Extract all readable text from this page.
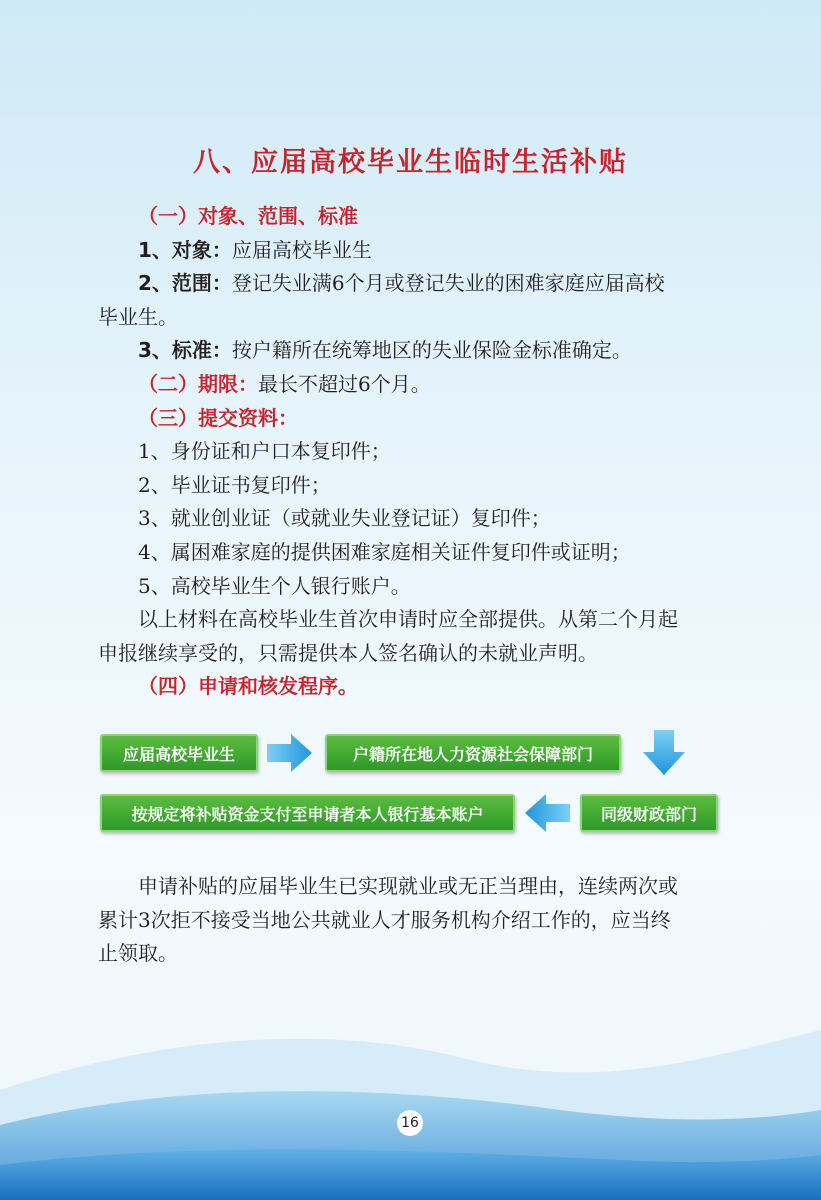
八、应届高校毕业生临时生活补贴
（一）对象、范围、标准
1、对象：应届高校毕业生
2、范围：登记失业满6个月或登记失业的困难家庭应届高校
毕业生。
3、标准：按户籍所在统筹地区的失业保险金标准确定。
（二）期限：最长不超过6个月。
（三）提交资料：
1、身份证和户口本复印件；
2、毕业证书复印件；
3、就业创业证（或就业失业登记证）复印件；
4、属困难家庭的提供困难家庭相关证件复印件或证明；
5、高校毕业生个人银行账户。
以上材料在高校毕业生首次申请时应全部提供。从第二个月起
申报继续享受的，只需提供本人签名确认的未就业声明。
（四）申请和核发程序。
应届高校毕业生	户籍所在地人力资源社会保障部门
按规定将补贴资金支付至申请者本人银行基本账户	同级财政部门
申请补贴的应届毕业生已实现就业或无正当理由，连续两次或
累计3次拒不接受当地公共就业人才服务机构介绍工作的，应当终
止领取。
16
